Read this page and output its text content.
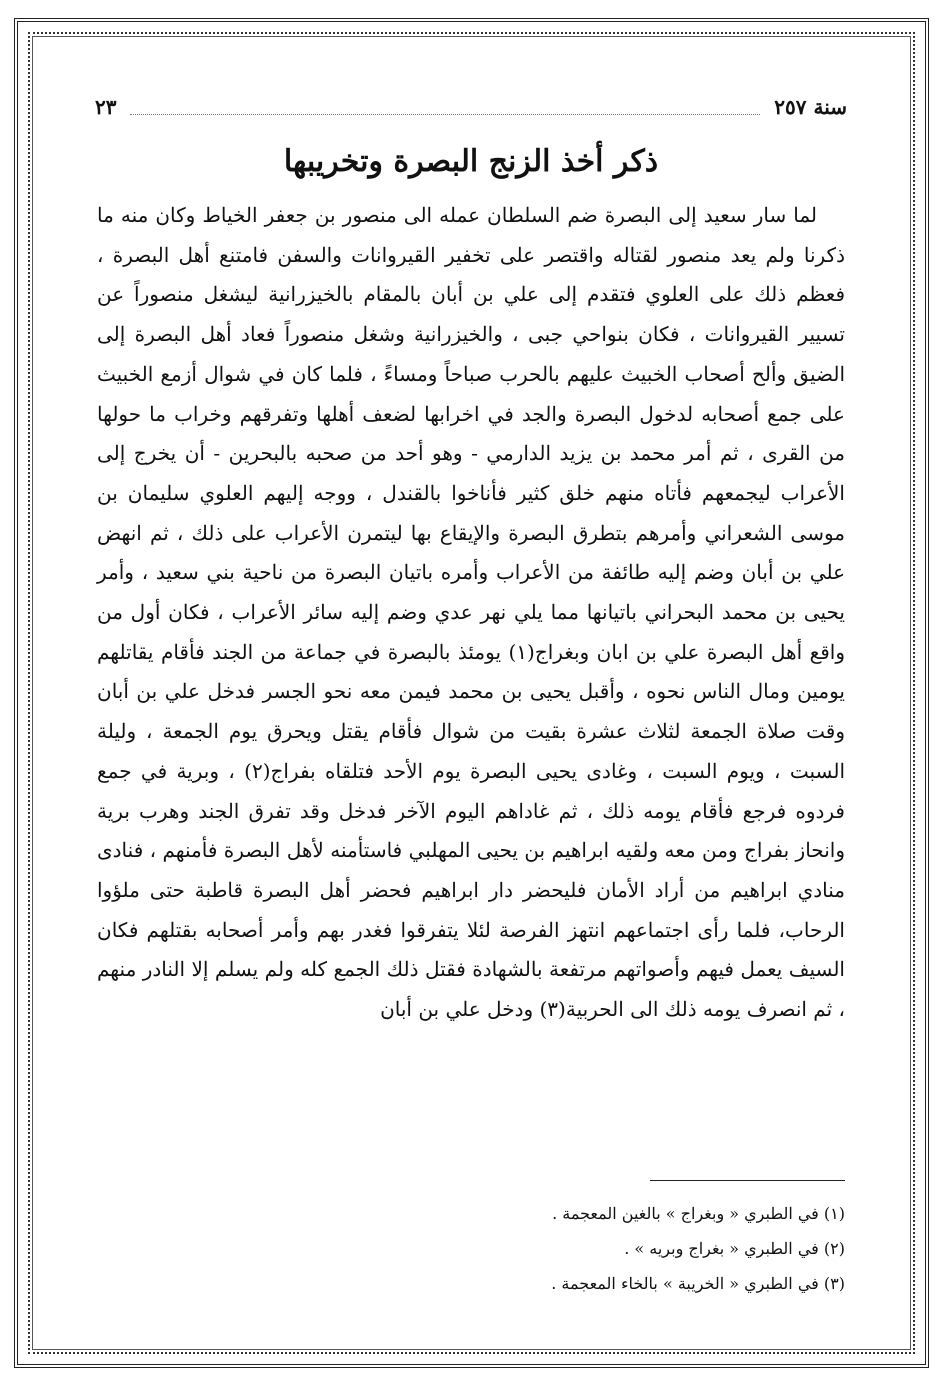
سنة ٢٥٧
٢٣
ذكر أخذ الزنج البصرة وتخريبها

لما سار سعيد إلى البصرة ضم السلطان عمله الى منصور بن جعفر الخياط وكان منه ما ذكرنا ولم يعد منصور لقتاله واقتصر على تخفير القيروانات والسفن فامتنع أهل البصرة ، فعظم ذلك على العلوي فتقدم إلى علي بن أبان بالمقام بالخيزرانية ليشغل منصوراً عن تسيير القيروانات ، فكان بنواحي جبى ، والخيزرانية وشغل منصوراً فعاد أهل البصرة إلى الضيق وألح أصحاب الخبيث عليهم بالحرب صباحاً ومساءً ، فلما كان في شوال أزمع الخبيث على جمع أصحابه لدخول البصرة والجد في اخرابها لضعف أهلها وتفرقهم وخراب ما حولها من القرى ، ثم أمر محمد بن يزيد الدارمي - وهو أحد من صحبه بالبحرين - أن يخرج إلى الأعراب ليجمعهم فأتاه منهم خلق كثير فأناخوا بالقندل ، ووجه إليهم العلوي سليمان بن موسى الشعراني وأمرهم بتطرق البصرة والإيقاع بها ليتمرن الأعراب على ذلك ، ثم انهض علي بن أبان وضم إليه طائفة من الأعراب وأمره باتيان البصرة من ناحية بني سعيد ، وأمر يحيى بن محمد البحراني باتيانها مما يلي نهر عدي وضم إليه سائر الأعراب ، فكان أول من واقع أهل البصرة علي بن ابان وبغراج(١) يومئذ بالبصرة في جماعة من الجند فأقام يقاتلهم يومين ومال الناس نحوه ، وأقبل يحيى بن محمد فيمن معه نحو الجسر فدخل علي بن أبان وقت صلاة الجمعة لثلاث عشرة بقيت من شوال فأقام يقتل ويحرق يوم الجمعة ، وليلة السبت ، ويوم السبت ، وغادى يحيى البصرة يوم الأحد فتلقاه بفراج(٢) ، وبرية في جمع فردوه فرجع فأقام يومه ذلك ، ثم غاداهم اليوم الآخر فدخل وقد تفرق الجند وهرب برية وانحاز بفراج ومن معه ولقيه ابراهيم بن يحيى المهلبي فاستأمنه لأهل البصرة فأمنهم ، فنادى منادي ابراهيم من أراد الأمان فليحضر دار ابراهيم فحضر أهل البصرة قاطبة حتى ملؤوا الرحاب، فلما رأى اجتماعهم انتهز الفرصة لئلا يتفرقوا فغدر بهم وأمر أصحابه بقتلهم فكان السيف يعمل فيهم وأصواتهم مرتفعة بالشهادة فقتل ذلك الجمع كله ولم يسلم إلا النادر منهم ، ثم انصرف يومه ذلك الى الحربية(٣) ودخل علي بن أبان

(١) في الطبري « وبغراج » بالغين المعجمة .
(٢) في الطبري « بغراج وبريه » .
(٣) في الطبري « الخريبة » بالخاء المعجمة .
